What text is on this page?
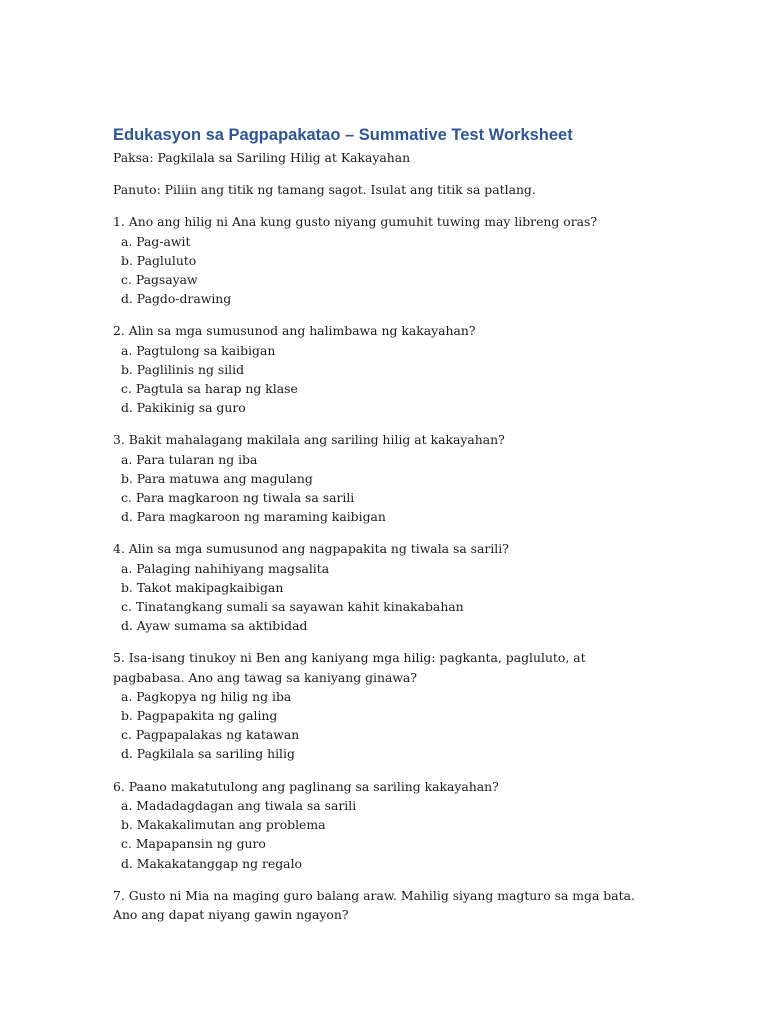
Edukasyon sa Pagpapakatao – Summative Test Worksheet
Paksa: Pagkilala sa Sariling Hilig at Kakayahan
Panuto: Piliin ang titik ng tamang sagot. Isulat ang titik sa patlang.
1. Ano ang hilig ni Ana kung gusto niyang gumuhit tuwing may libreng oras?
a. Pag-awit
b. Pagluluto
c. Pagsayaw
d. Pagdo-drawing
2. Alin sa mga sumusunod ang halimbawa ng kakayahan?
a. Pagtulong sa kaibigan
b. Paglilinis ng silid
c. Pagtula sa harap ng klase
d. Pakikinig sa guro
3. Bakit mahalagang makilala ang sariling hilig at kakayahan?
a. Para tularan ng iba
b. Para matuwa ang magulang
c. Para magkaroon ng tiwala sa sarili
d. Para magkaroon ng maraming kaibigan
4. Alin sa mga sumusunod ang nagpapakita ng tiwala sa sarili?
a. Palaging nahihiyang magsalita
b. Takot makipagkaibigan
c. Tinatangkang sumali sa sayawan kahit kinakabahan
d. Ayaw sumama sa aktibidad
5. Isa-isang tinukoy ni Ben ang kaniyang mga hilig: pagkanta, pagluluto, at pagbabasa. Ano ang tawag sa kaniyang ginawa?
a. Pagkopya ng hilig ng iba
b. Pagpapakita ng galing
c. Pagpapalakas ng katawan
d. Pagkilala sa sariling hilig
6. Paano makatutulong ang paglinang sa sariling kakayahan?
a. Madadagdagan ang tiwala sa sarili
b. Makakalimutan ang problema
c. Mapapansin ng guro
d. Makakatanggap ng regalo
7. Gusto ni Mia na maging guro balang araw. Mahilig siyang magturo sa mga bata. Ano ang dapat niyang gawin ngayon?
